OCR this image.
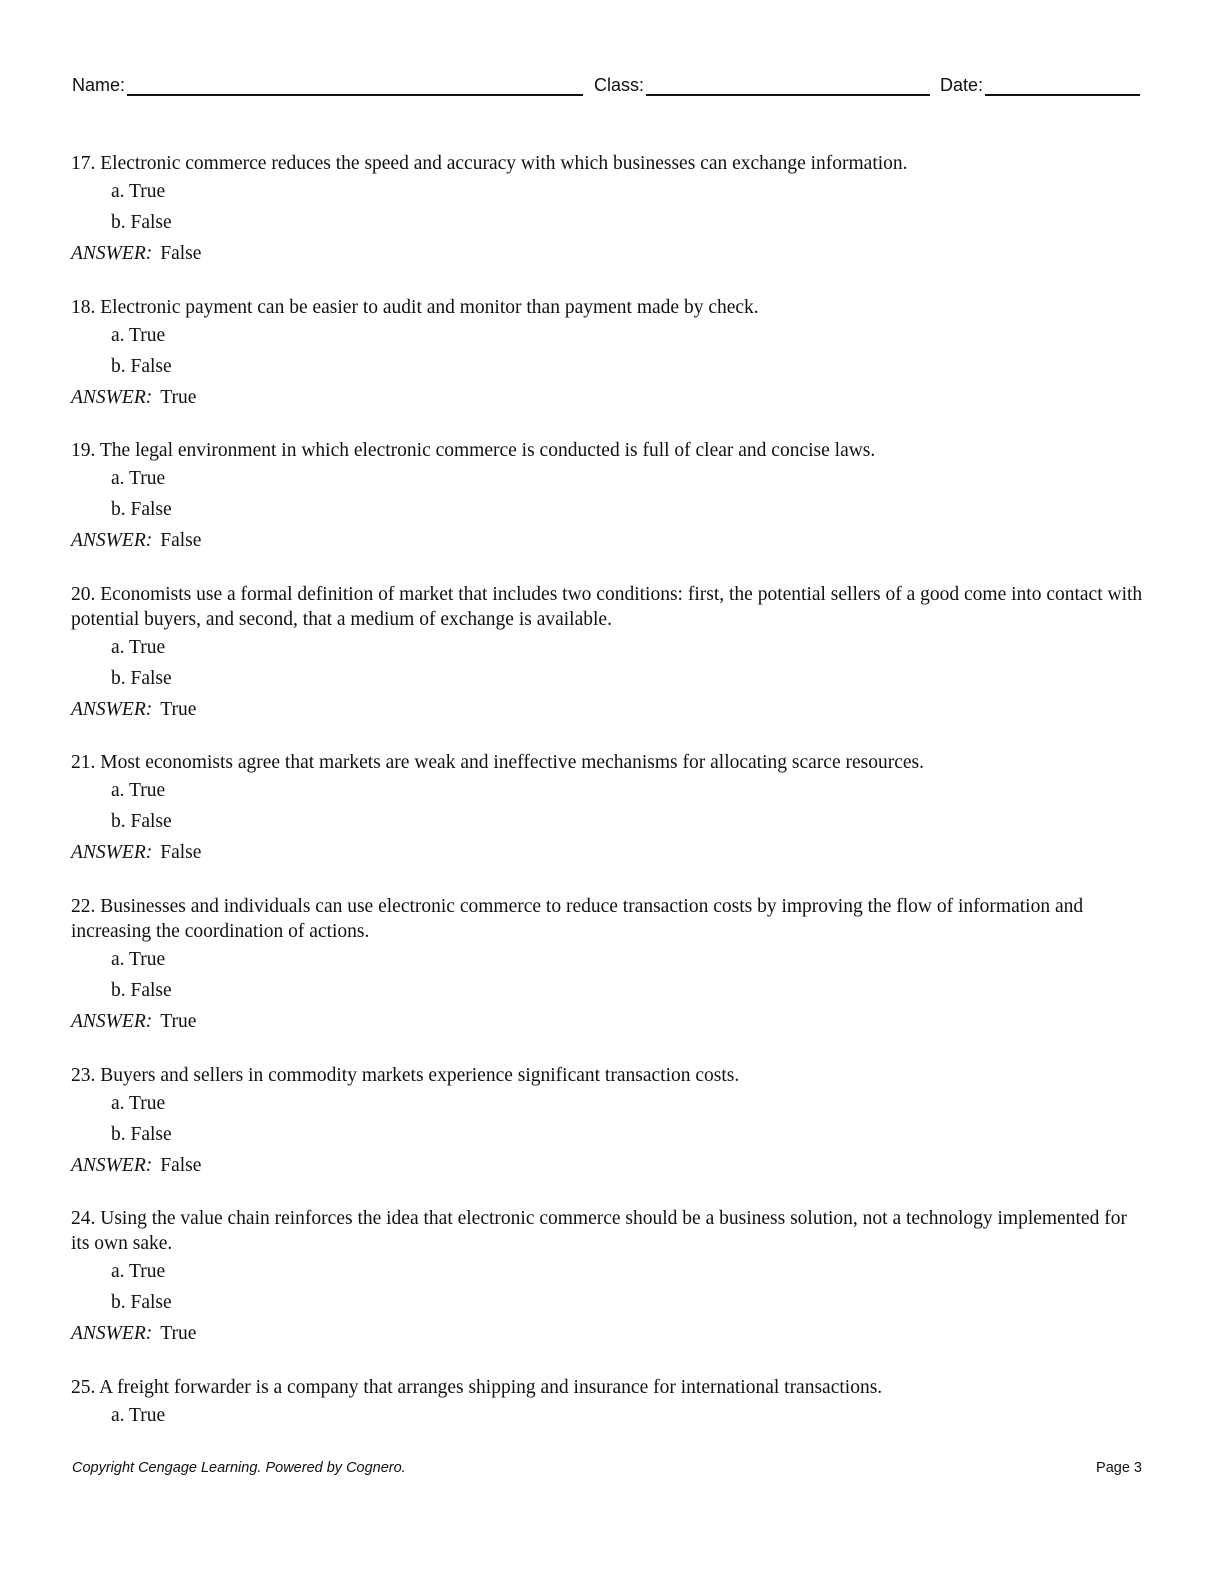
Name:	Class:	Date:
17. Electronic commerce reduces the speed and accuracy with which businesses can exchange information.
a. True
b. False
ANSWER: False
18. Electronic payment can be easier to audit and monitor than payment made by check.
a. True
b. False
ANSWER: True
19. The legal environment in which electronic commerce is conducted is full of clear and concise laws.
a. True
b. False
ANSWER: False
20. Economists use a formal definition of market that includes two conditions: first, the potential sellers of a good come into contact with potential buyers, and second, that a medium of exchange is available.
a. True
b. False
ANSWER: True
21. Most economists agree that markets are weak and ineffective mechanisms for allocating scarce resources.
a. True
b. False
ANSWER: False
22. Businesses and individuals can use electronic commerce to reduce transaction costs by improving the flow of information and increasing the coordination of actions.
a. True
b. False
ANSWER: True
23. Buyers and sellers in commodity markets experience significant transaction costs.
a. True
b. False
ANSWER: False
24. Using the value chain reinforces the idea that electronic commerce should be a business solution, not a technology implemented for its own sake.
a. True
b. False
ANSWER: True
25. A freight forwarder is a company that arranges shipping and insurance for international transactions.
a. True
Copyright Cengage Learning. Powered by Cognero.	Page 3
